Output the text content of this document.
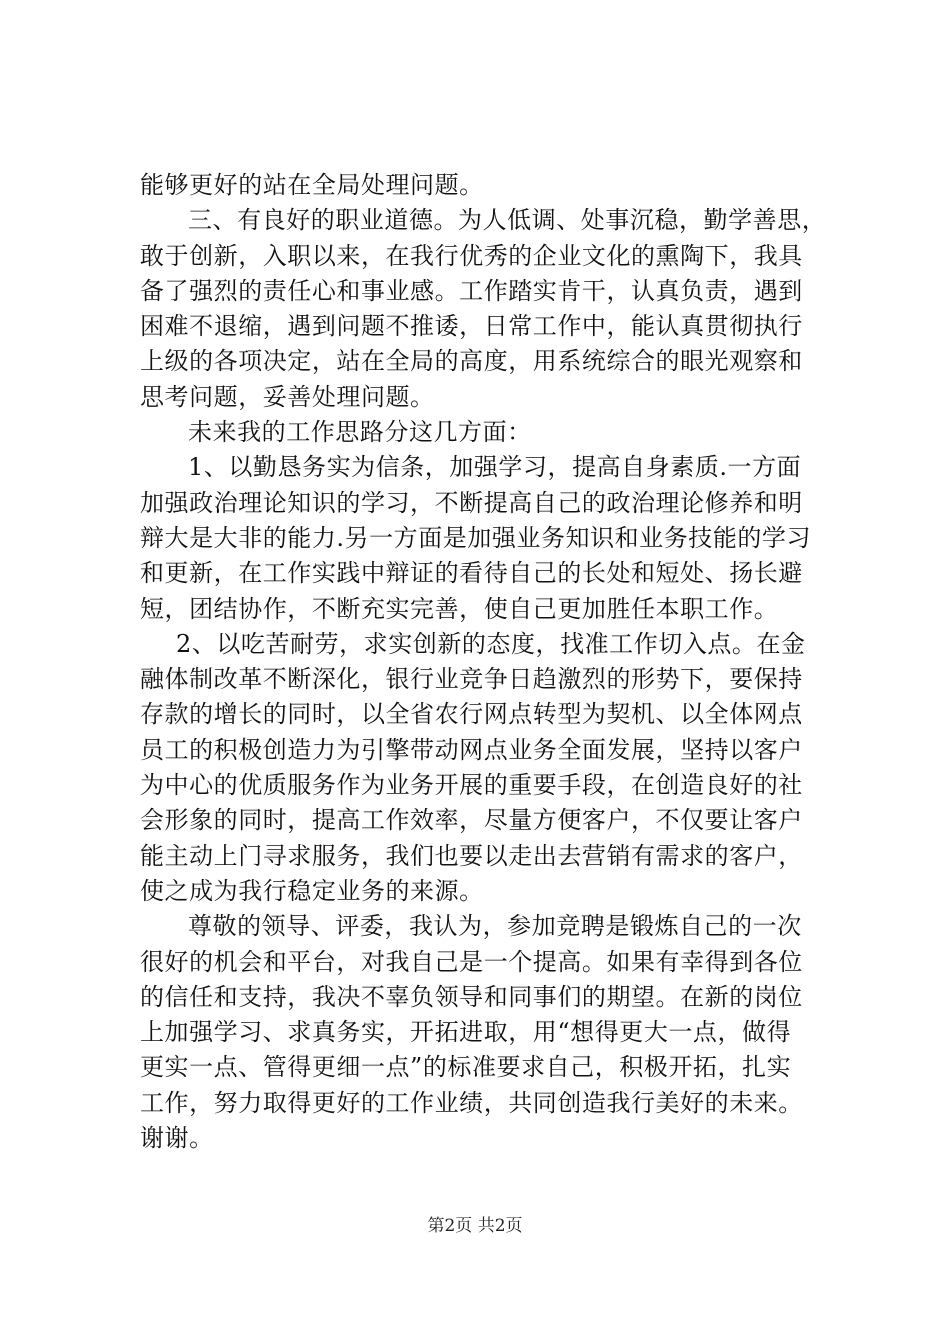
能够更好的站在全局处理问题。
三、有良好的职业道德。为人低调、处事沉稳，勤学善思，
敢于创新，入职以来，在我行优秀的企业文化的熏陶下，我具
备了强烈的责任心和事业感。工作踏实肯干，认真负责，遇到
困难不退缩，遇到问题不推诿，日常工作中，能认真贯彻执行
上级的各项决定，站在全局的高度，用系统综合的眼光观察和
思考问题，妥善处理问题。
未来我的工作思路分这几方面：
1、以勤恳务实为信条，加强学习，提高自身素质.一方面
加强政治理论知识的学习，不断提高自己的政治理论修养和明
辩大是大非的能力.另一方面是加强业务知识和业务技能的学习
和更新，在工作实践中辩证的看待自己的长处和短处、扬长避
短，团结协作，不断充实完善，使自己更加胜任本职工作。
2、以吃苦耐劳，求实创新的态度，找准工作切入点。在金
融体制改革不断深化，银行业竞争日趋激烈的形势下，要保持
存款的增长的同时，以全省农行网点转型为契机、以全体网点
员工的积极创造力为引擎带动网点业务全面发展，坚持以客户
为中心的优质服务作为业务开展的重要手段，在创造良好的社
会形象的同时，提高工作效率，尽量方便客户，不仅要让客户
能主动上门寻求服务，我们也要以走出去营销有需求的客户，
使之成为我行稳定业务的来源。
尊敬的领导、评委，我认为，参加竞聘是锻炼自己的一次
很好的机会和平台，对我自己是一个提高。如果有幸得到各位
的信任和支持，我决不辜负领导和同事们的期望。在新的岗位
上加强学习、求真务实，开拓进取，用“想得更大一点，做得
更实一点、管得更细一点”的标准要求自己，积极开拓，扎实
工作，努力取得更好的工作业绩，共同创造我行美好的未来。
谢谢。
第2页 共2页
